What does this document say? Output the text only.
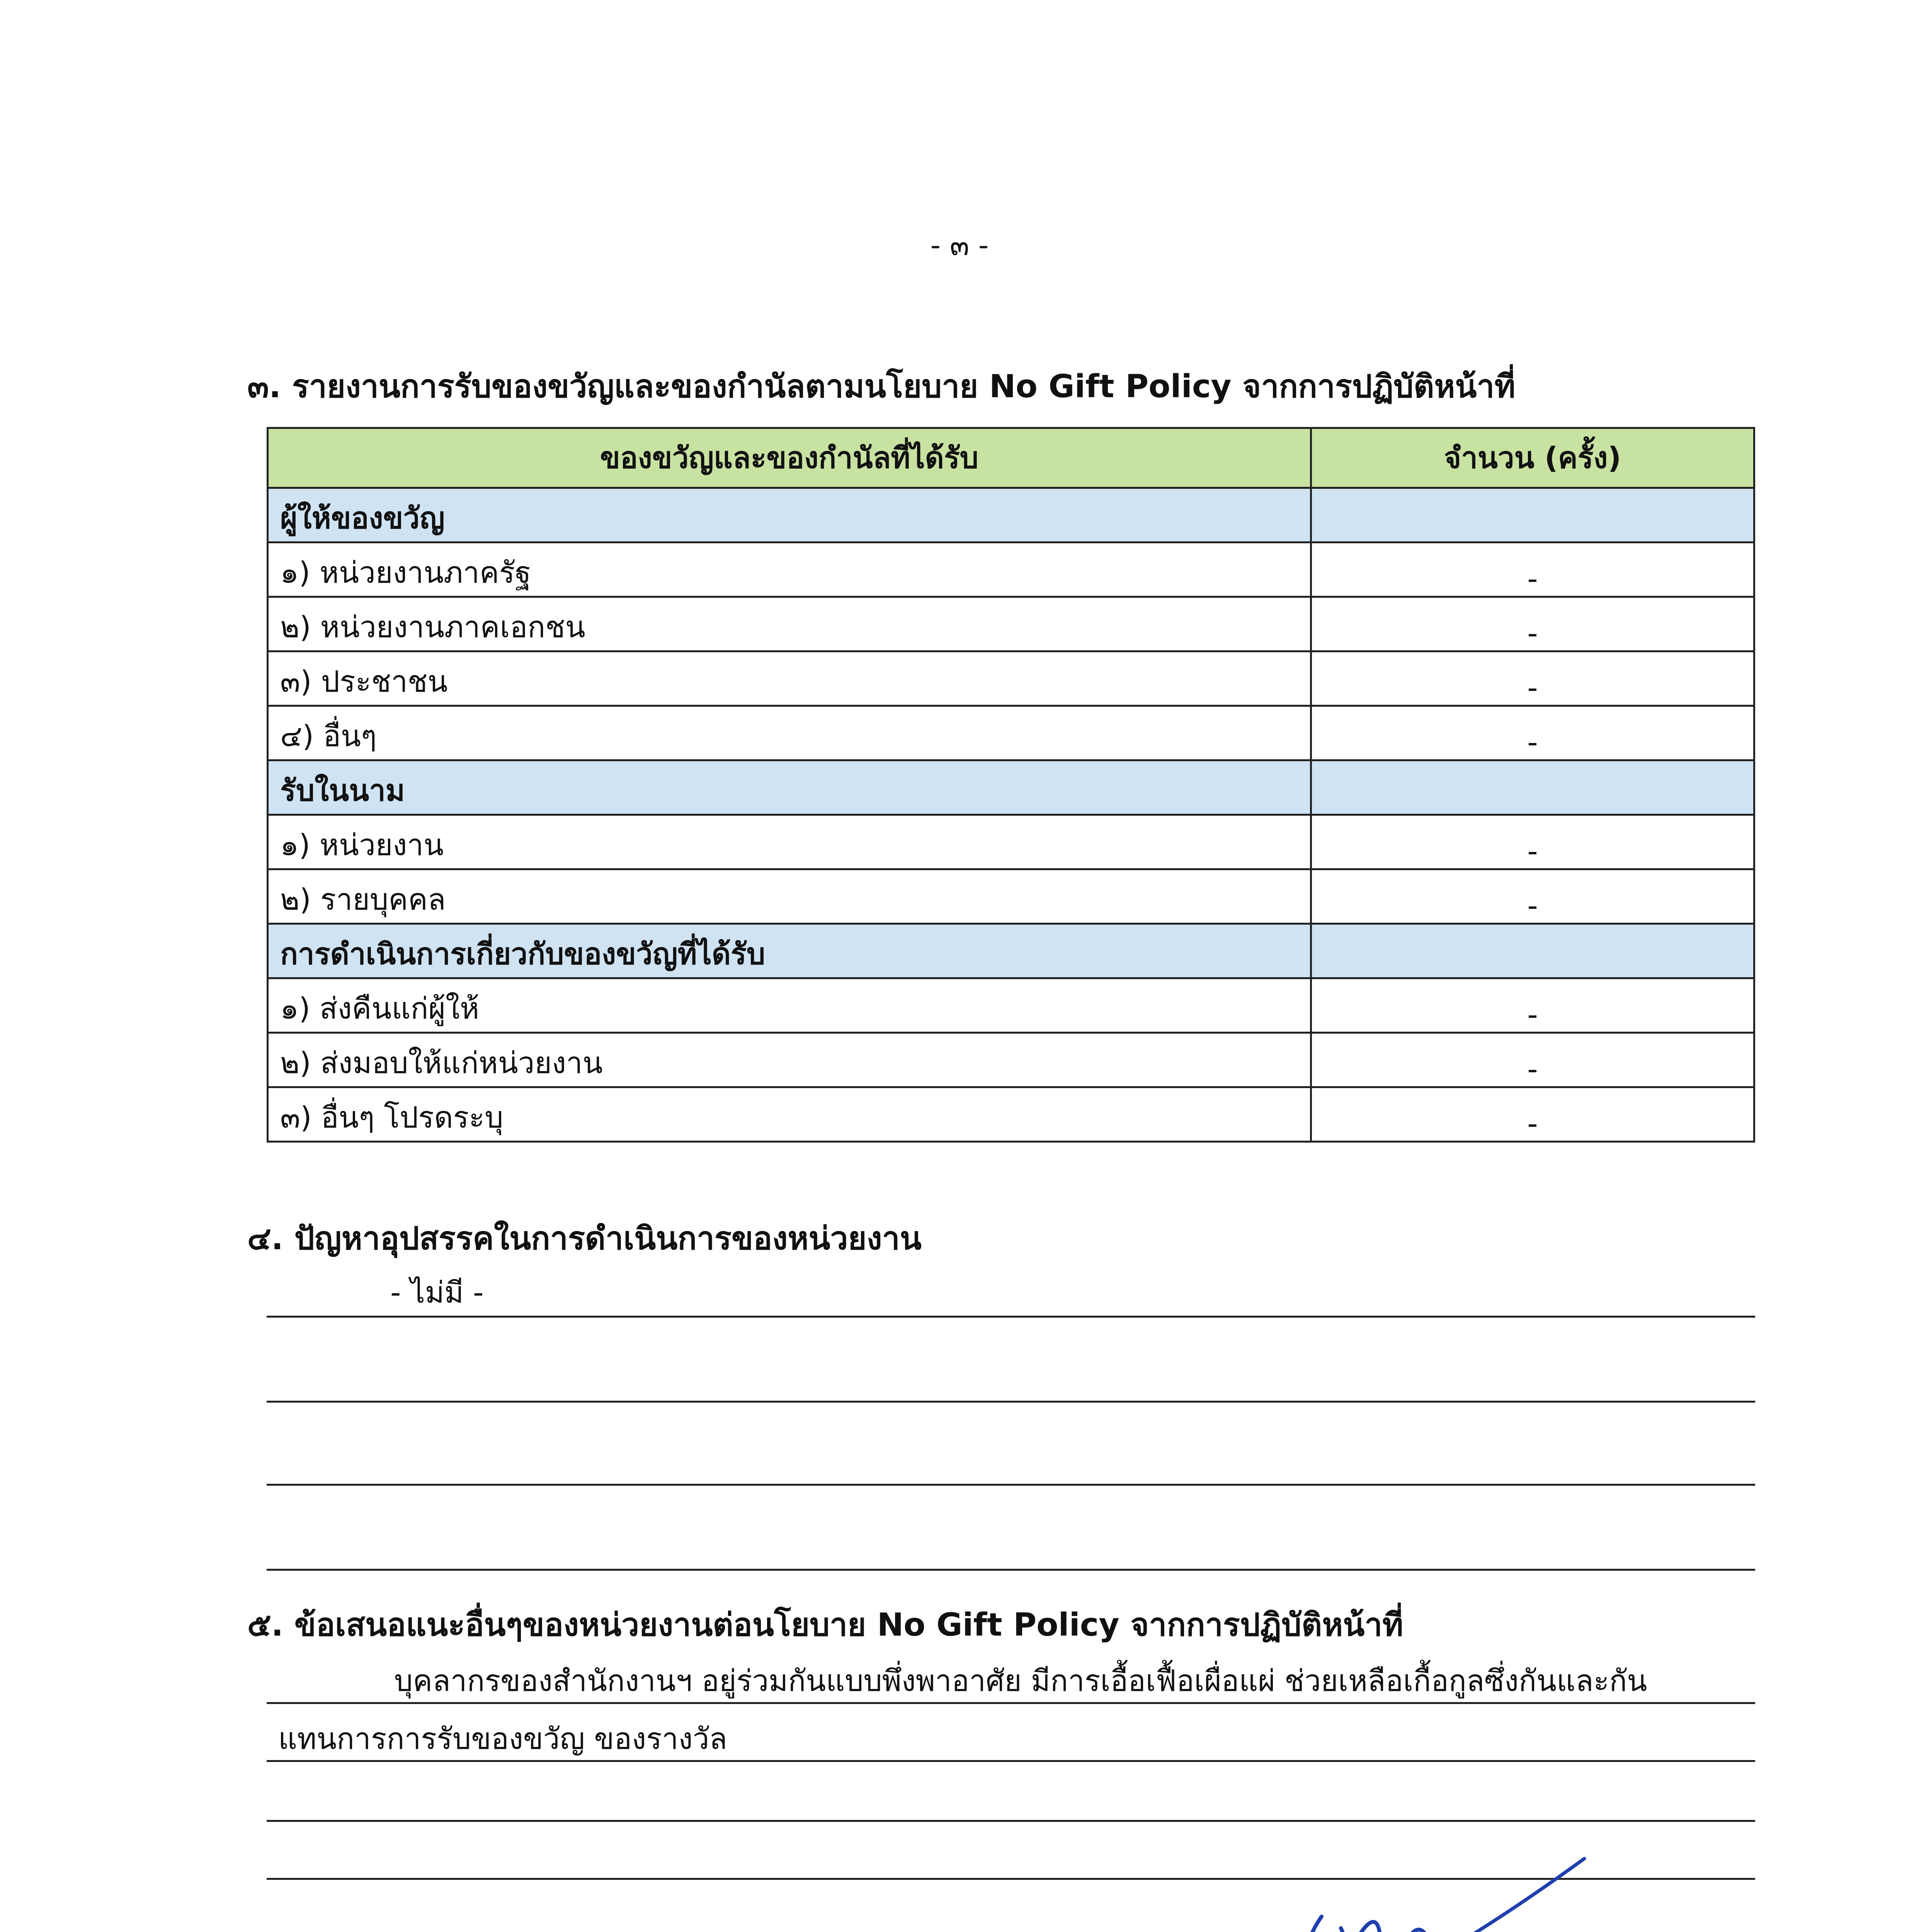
- ๓ -
๓. รายงานการรับของขวัญและของกำนัลตามนโยบาย No Gift Policy จากการปฏิบัติหน้าที่
ของขวัญและของกำนัลที่ได้รับ	จำนวน (ครั้ง)
ผู้ให้ของขวัญ	
๑) หน่วยงานภาครัฐ	-
๒) หน่วยงานภาคเอกชน	-
๓) ประชาชน	-
๔) อื่นๆ	-
รับในนาม	
๑) หน่วยงาน	-
๒) รายบุคคล	-
การดำเนินการเกี่ยวกับของขวัญที่ได้รับ	
๑) ส่งคืนแก่ผู้ให้	-
๒) ส่งมอบให้แก่หน่วยงาน	-
๓) อื่นๆ โปรดระบุ	-
๔. ปัญหาอุปสรรคในการดำเนินการของหน่วยงาน
- ไม่มี -
๕. ข้อเสนอแนะอื่นๆของหน่วยงานต่อนโยบาย No Gift Policy จากการปฏิบัติหน้าที่
บุคลากรของสำนักงานฯ อยู่ร่วมกันแบบพึ่งพาอาศัย มีการเอื้อเฟื้อเผื่อแผ่ ช่วยเหลือเกื้อกูลซึ่งกันและกัน
แทนการการรับของขวัญ ของรางวัล
